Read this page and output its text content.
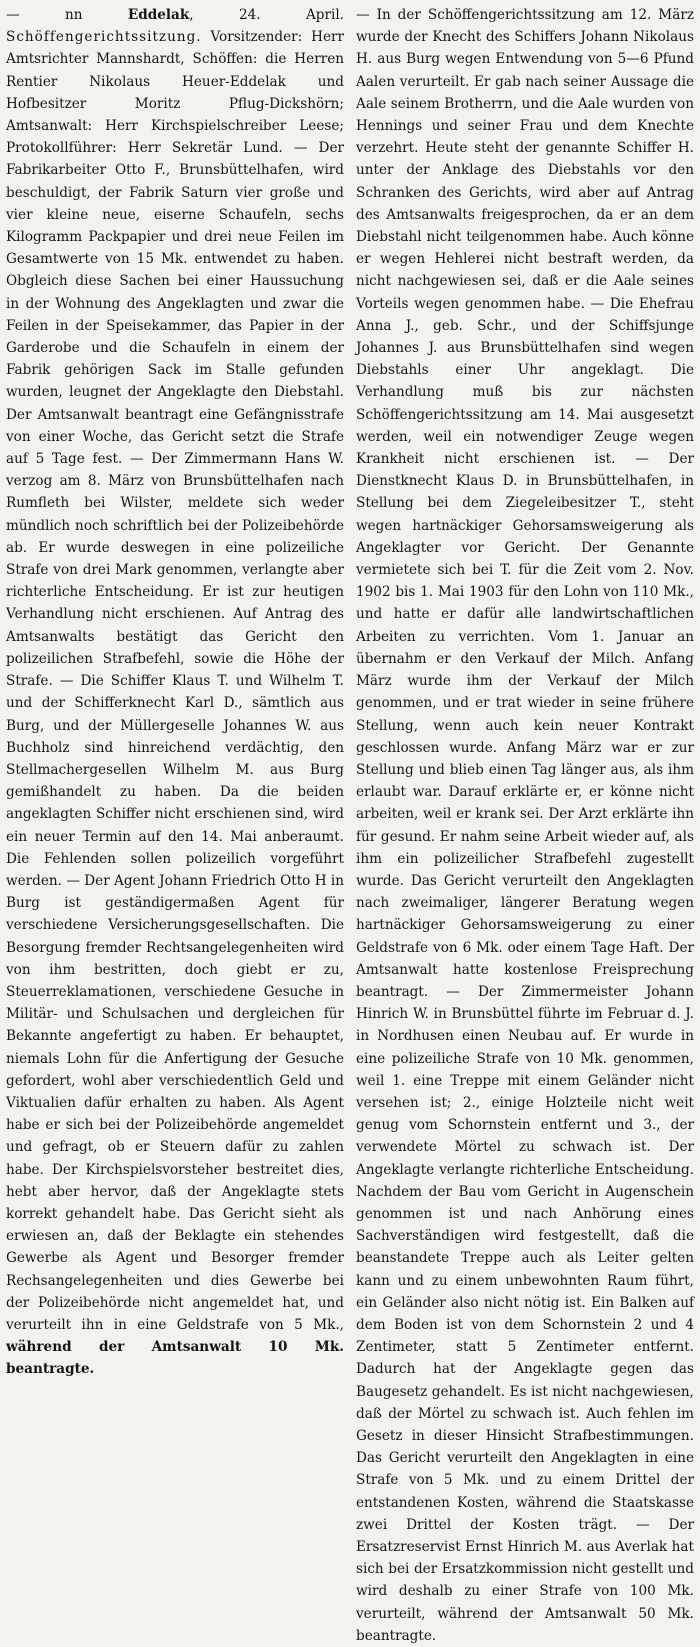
— nn Eddelak, 24. April. Schöffengerichtssitzung. Vorsitzender: Herr Amtsrichter Mannshardt, Schöffen: die Herren Rentier Nikolaus Heuer-Eddelak und Hofbesitzer Moritz Pflug-Dickshörn; Amtsanwalt: Herr Kirchspielschreiber Leese; Protokollführer: Herr Sekretär Lund. — Der Fabrikarbeiter Otto F., Brunsbüttelhafen, wird beschuldigt, der Fabrik Saturn vier große und vier kleine neue, eiserne Schaufeln, sechs Kilogramm Packpapier und drei neue Feilen im Gesamtwerte von 15 Mk. entwendet zu haben. Obgleich diese Sachen bei einer Haussuchung in der Wohnung des Angeklagten und zwar die Feilen in der Speisekammer, das Papier in der Garderobe und die Schaufeln in einem der Fabrik gehörigen Sack im Stalle gefunden wurden, leugnet der Angeklagte den Diebstahl. Der Amtsanwalt beantragt eine Gefängnisstrafe von einer Woche, das Gericht setzt die Strafe auf 5 Tage fest. — Der Zimmermann Hans W. verzog am 8. März von Brunsbüttelhafen nach Rumfleth bei Wilster, meldete sich weder mündlich noch schriftlich bei der Polizeibehörde ab. Er wurde deswegen in eine polizeiliche Strafe von drei Mark genommen, verlangte aber richterliche Entscheidung. Er ist zur heutigen Verhandlung nicht erschienen. Auf Antrag des Amtsanwalts bestätigt das Gericht den polizeilichen Strafbefehl, sowie die Höhe der Strafe. — Die Schiffer Klaus T. und Wilhelm T. und der Schifferknecht Karl D., sämtlich aus Burg, und der Müllergeselle Johannes W. aus Buchholz sind hinreichend verdächtig, den Stellmachergesellen Wilhelm M. aus Burg gemißhandelt zu haben. Da die beiden angeklagten Schiffer nicht erschienen sind, wird ein neuer Termin auf den 14. Mai anberaumt. Die Fehlenden sollen polizeilich vorgeführt werden. — Der Agent Johann Friedrich Otto H in Burg ist geständigermaßen Agent für verschiedene Versicherungsgesellschaften. Die Besorgung fremder Rechtsangelegenheiten wird von ihm bestritten, doch giebt er zu, Steuerreklamationen, verschiedene Gesuche in Militär- und Schulsachen und dergleichen für Bekannte angefertigt zu haben. Er behauptet, niemals Lohn für die Anfertigung der Gesuche gefordert, wohl aber verschiedentlich Geld und Viktualien dafür erhalten zu haben. Als Agent habe er sich bei der Polizeibehörde angemeldet und gefragt, ob er Steuern dafür zu zahlen habe. Der Kirchspielsvorsteher bestreitet dies, hebt aber hervor, daß der Angeklagte stets korrekt gehandelt habe. Das Gericht sieht als erwiesen an, daß der Beklagte ein stehendes Gewerbe als Agent und Besorger fremder Rechsangelegenheiten und dies Gewerbe bei der Polizeibehörde nicht angemeldet hat, und verurteilt ihn in eine Geldstrafe von 5 Mk., während der Amtsanwalt 10 Mk. beantragte.

— In der Schöffengerichtssitzung am 12. März wurde der Knecht des Schiffers Johann Nikolaus H. aus Burg wegen Entwendung von 5—6 Pfund Aalen verurteilt. Er gab nach seiner Aussage die Aale seinem Brotherrn, und die Aale wurden von Hennings und seiner Frau und dem Knechte verzehrt. Heute steht der genannte Schiffer H. unter der Anklage des Diebstahls vor den Schranken des Gerichts, wird aber auf Antrag des Amtsanwalts freigesprochen, da er an dem Diebstahl nicht teilgenommen habe. Auch könne er wegen Hehlerei nicht bestraft werden, da nicht nachgewiesen sei, daß er die Aale seines Vorteils wegen genommen habe. — Die Ehefrau Anna J., geb. Schr., und der Schiffsjunge Johannes J. aus Brunsbüttelhafen sind wegen Diebstahls einer Uhr angeklagt. Die Verhandlung muß bis zur nächsten Schöffengerichtssitzung am 14. Mai ausgesetzt werden, weil ein notwendiger Zeuge wegen Krankheit nicht erschienen ist. — Der Dienstknecht Klaus D. in Brunsbüttelhafen, in Stellung bei dem Ziegeleibesitzer T., steht wegen hartnäckiger Gehorsamsweigerung als Angeklagter vor Gericht. Der Genannte vermietete sich bei T. für die Zeit vom 2. Nov. 1902 bis 1. Mai 1903 für den Lohn von 110 Mk., und hatte er dafür alle landwirtschaftlichen Arbeiten zu verrichten. Vom 1. Januar an übernahm er den Verkauf der Milch. Anfang März wurde ihm der Verkauf der Milch genommen, und er trat wieder in seine frühere Stellung, wenn auch kein neuer Kontrakt geschlossen wurde. Anfang März war er zur Stellung und blieb einen Tag länger aus, als ihm erlaubt war. Darauf erklärte er, er könne nicht arbeiten, weil er krank sei. Der Arzt erklärte ihn für gesund. Er nahm seine Arbeit wieder auf, als ihm ein polizeilicher Strafbefehl zugestellt wurde. Das Gericht verurteilt den Angeklagten nach zweimaliger, längerer Beratung wegen hartnäckiger Gehorsamsweigerung zu einer Geldstrafe von 6 Mk. oder einem Tage Haft. Der Amtsanwalt hatte kostenlose Freisprechung beantragt. — Der Zimmermeister Johann Hinrich W. in Brunsbüttel führte im Februar d. J. in Nordhusen einen Neubau auf. Er wurde in eine polizeiliche Strafe von 10 Mk. genommen, weil 1. eine Treppe mit einem Geländer nicht versehen ist; 2., einige Holzteile nicht weit genug vom Schornstein entfernt und 3., der verwendete Mörtel zu schwach ist. Der Angeklagte verlangte richterliche Entscheidung. Nachdem der Bau vom Gericht in Augenschein genommen ist und nach Anhörung eines Sachverständigen wird festgestellt, daß die beanstandete Treppe auch als Leiter gelten kann und zu einem unbewohnten Raum führt, ein Geländer also nicht nötig ist. Ein Balken auf dem Boden ist von dem Schornstein 2 und 4 Zentimeter, statt 5 Zentimeter entfernt. Dadurch hat der Angeklagte gegen das Baugesetz gehandelt. Es ist nicht nachgewiesen, daß der Mörtel zu schwach ist. Auch fehlen im Gesetz in dieser Hinsicht Strafbestimmungen. Das Gericht verurteilt den Angeklagten in eine Strafe von 5 Mk. und zu einem Drittel der entstandenen Kosten, während die Staatskasse zwei Drittel der Kosten trägt. — Der Ersatzreservist Ernst Hinrich M. aus Averlak hat sich bei der Ersatzkommission nicht gestellt und wird deshalb zu einer Strafe von 100 Mk. verurteilt, während der Amtsanwalt 50 Mk. beantragte.
